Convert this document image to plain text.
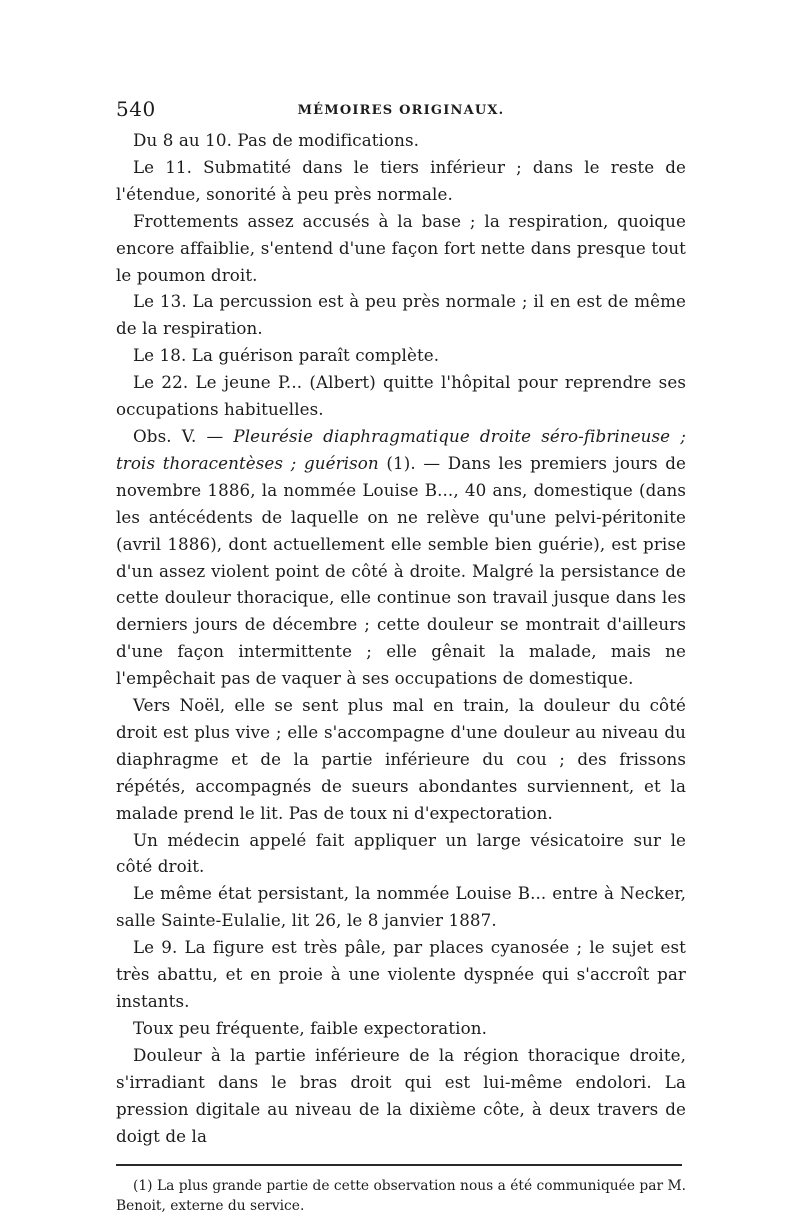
540	MÉMOIRES ORIGINAUX.

Du 8 au 10. Pas de modifications.

Le 11. Submatité dans le tiers inférieur ; dans le reste de l'étendue, sonorité à peu près normale.

Frottements assez accusés à la base ; la respiration, quoique encore affaiblie, s'entend d'une façon fort nette dans presque tout le poumon droit.

Le 13. La percussion est à peu près normale ; il en est de même de la respiration.

Le 18. La guérison paraît complète.

Le 22. Le jeune P... (Albert) quitte l'hôpital pour reprendre ses occupations habituelles.

Obs. V. — Pleurésie diaphragmatique droite séro-fibrineuse ; trois thoracentèses ; guérison (1). — Dans les premiers jours de novembre 1886, la nommée Louise B..., 40 ans, domestique (dans les antécédents de laquelle on ne relève qu'une pelvi-péritonite (avril 1886), dont actuellement elle semble bien guérie), est prise d'un assez violent point de côté à droite. Malgré la persistance de cette douleur thoracique, elle continue son travail jusque dans les derniers jours de décembre ; cette douleur se montrait d'ailleurs d'une façon intermittente ; elle gênait la malade, mais ne l'empêchait pas de vaquer à ses occupations de domestique.

Vers Noël, elle se sent plus mal en train, la douleur du côté droit est plus vive ; elle s'accompagne d'une douleur au niveau du diaphragme et de la partie inférieure du cou ; des frissons répétés, accompagnés de sueurs abondantes surviennent, et la malade prend le lit. Pas de toux ni d'expectoration.

Un médecin appelé fait appliquer un large vésicatoire sur le côté droit.

Le même état persistant, la nommée Louise B... entre à Necker, salle Sainte-Eulalie, lit 26, le 8 janvier 1887.

Le 9. La figure est très pâle, par places cyanosée ; le sujet est très abattu, et en proie à une violente dyspnée qui s'accroît par instants.

Toux peu fréquente, faible expectoration.

Douleur à la partie inférieure de la région thoracique droite, s'irradiant dans le bras droit qui est lui-même endolori. La pression digitale au niveau de la dixième côte, à deux travers de doigt de la

(1) La plus grande partie de cette observation nous a été communiquée par M. Benoit, externe du service.
